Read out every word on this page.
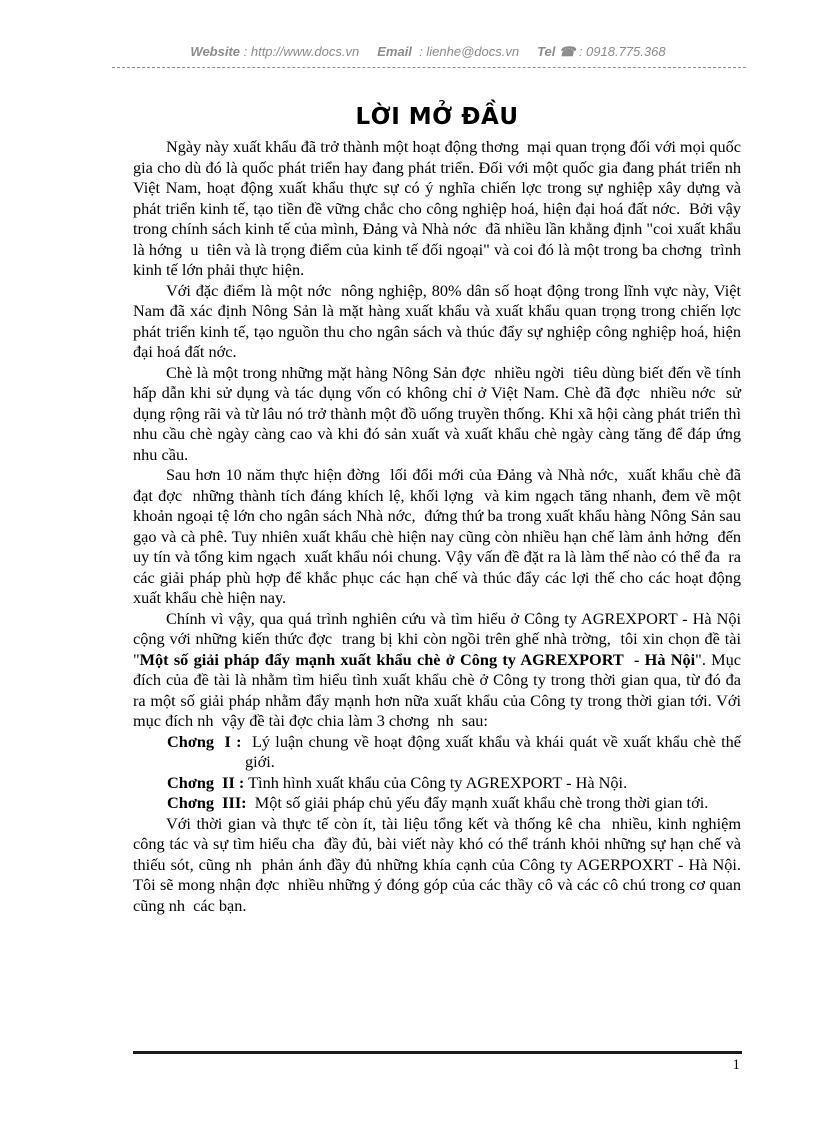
Website : http://www.docs.vn Email  : lienhe@docs.vn Tel ☎ : 0918.775.368
LỜI MỞ ĐẦU

Ngày này xuất khẩu đã trở thành một hoạt động thơng  mại quan trọng đối với mọi quốc gia cho dù đó là quốc phát triển hay đang phát triển. Đối với một quốc gia đang phát triển nh  Việt Nam, hoạt động xuất khẩu thực sự có ý nghĩa chiến lợc trong sự nghiệp xây dựng và phát triển kinh tế, tạo tiền đề vững chắc cho công nghiệp hoá, hiện đại hoá đất nớc.  Bởi vậy trong chính sách kinh tế của mình, Đảng và Nhà nớc  đã nhiều lần khẳng định "coi xuất khẩu là hớng  u  tiên và là trọng điểm của kinh tế đối ngoại" và coi đó là một trong ba chơng  trình kinh tế lớn phải thực hiện.

Với đặc điểm là một nớc  nông nghiệp, 80% dân số hoạt động trong lĩnh vực này, Việt Nam đã xác định Nông Sản là mặt hàng xuất khẩu và xuất khẩu quan trọng trong chiến lợc  phát triển kinh tế, tạo nguồn thu cho ngân sách và thúc đẩy sự nghiệp công nghiệp hoá, hiện đại hoá đất nớc.

Chè là một trong những mặt hàng Nông Sản đợc  nhiều ngời  tiêu dùng biết đến về tính hấp dẫn khi sử dụng và tác dụng vốn có không chỉ ở Việt Nam. Chè đã đợc  nhiều nớc  sử dụng rộng rãi và từ lâu nó trở thành một đồ uống truyền thống. Khi xã hội càng phát triển thì nhu cầu chè ngày càng cao và khi đó sản xuất và xuất khẩu chè ngày càng tăng để đáp ứng nhu cầu.

Sau hơn 10 năm thực hiện đờng  lối đổi mới của Đảng và Nhà nớc,  xuất khẩu chè đã đạt đợc  những thành tích đáng khích lệ, khối lợng  và kim ngạch tăng nhanh, đem về một khoản ngoại tệ lớn cho ngân sách Nhà nớc,  đứng thứ ba trong xuất khẩu hàng Nông Sản sau gạo và cà phê. Tuy nhiên xuất khẩu chè hiện nay cũng còn nhiều hạn chế làm ảnh hởng  đến uy tín và tổng kim ngạch  xuất khẩu nói chung. Vậy vấn đề đặt ra là làm thế nào có thể đa  ra các giải pháp phù hợp để khắc phục các hạn chế và thúc đẩy các lợi thế cho các hoạt động xuất khẩu chè hiện nay.

Chính vì vậy, qua quá trình nghiên cứu và tìm hiểu ở Công ty AGREXPORT - Hà Nội cộng với những kiến thức đợc  trang bị khi còn ngồi trên ghế nhà trờng,  tôi xin chọn đề tài "Một số giải pháp đẩy mạnh xuất khẩu chè ở Công ty AGREXPORT  - Hà Nội". Mục đích của đề tài là nhằm tìm hiểu tình xuất khẩu chè ở Công ty trong thời gian qua, từ đó đa  ra một số giải pháp nhằm đẩy mạnh hơn nữa xuất khẩu của Công ty trong thời gian tới. Với mục đích nh  vậy đề tài đợc chia làm 3 chơng  nh  sau:

Chơng  I :  Lý luận chung về hoạt động xuất khẩu và khái quát về xuất khẩu chè thế giới.

Chơng  II : Tình hình xuất khẩu của Công ty AGREXPORT - Hà Nội.

Chơng  III:  Một số giải pháp chủ yếu đẩy mạnh xuất khẩu chè trong thời gian tới.

Với thời gian và thực tế còn ít, tài liệu tổng kết và thống kê cha  nhiều, kinh nghiệm công tác và sự tìm hiểu cha  đầy đủ, bài viết này khó có thể tránh khỏi những sự hạn chế và thiếu sót, cũng nh  phản ánh đầy đủ những khía cạnh của Công ty AGERPOXRT - Hà Nội. Tôi sẽ mong nhận đợc  nhiều những ý đóng góp của các thầy cô và các cô chú trong cơ quan cũng nh  các bạn.

1
